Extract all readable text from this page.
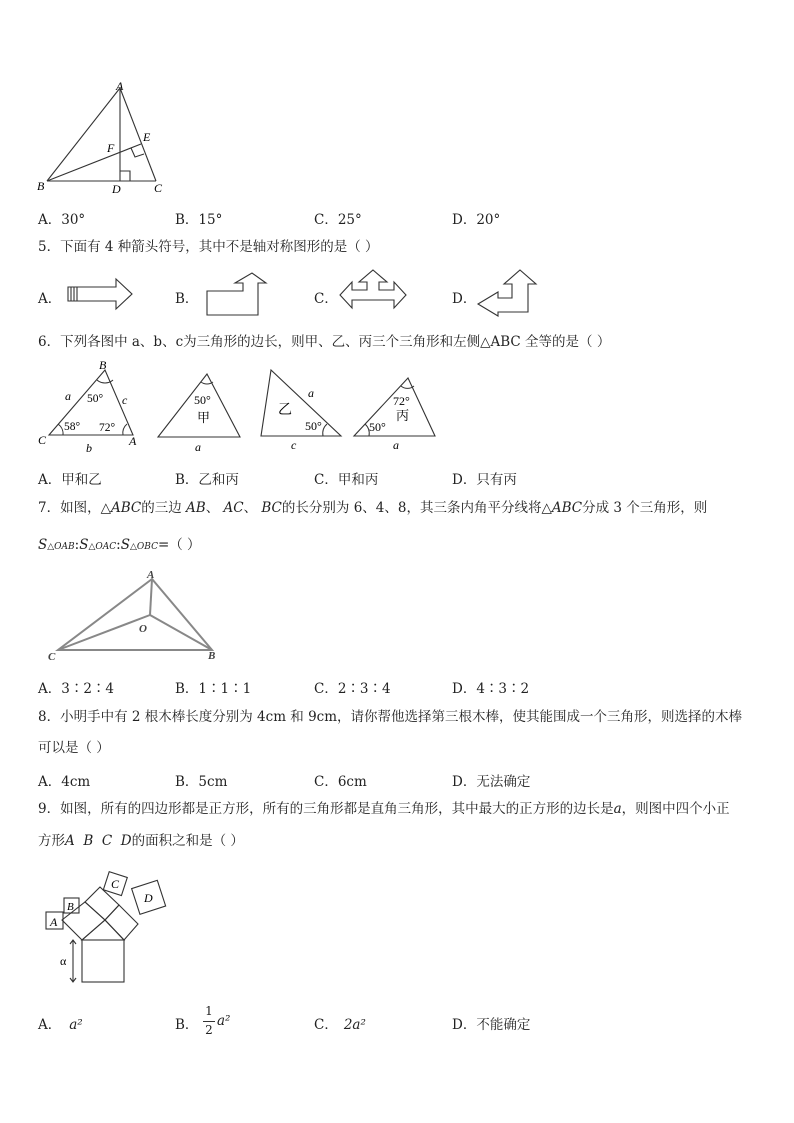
A
E
F
B	D	C
A．30°	B．15°	C．25°	D．20°
5．下面有 4 种箭头符号，其中不是轴对称图形的是（ ）
A．	B．	C．	D．
6．下列各图中 a、b、c为三角形的边长，则甲、乙、丙三个三角形和左侧△ABC 全等的是（ ）
B
C	A
a
b
c
50°
58° 72°
50°
甲
a
乙
a
c
50°
72°
丙
50°
a
A．甲和乙	B．乙和丙	C．甲和丙	D．只有丙
7．如图，△ABC的三边 AB、 AC、 BC的长分别为 6、4、8，其三条内角平分线将△ABC分成 3 个三角形，则
S△OAB:S△OAC:S△OBC=（ ）
A
O
C	B
A．3∶2∶4	B．1∶1∶1	C．2∶3∶4	D．4∶3∶2
8．小明手中有 2 根木棒长度分别为 4cm 和 9cm，请你帮他选择第三根木棒，使其能围成一个三角形，则选择的木棒
可以是（ ）
A．4cm	B．5cm	C．6cm	D．无法确定
9．如图，所有的四边形都是正方形，所有的三角形都是直角三角形，其中最大的正方形的边长是a，则图中四个小正
方形A  B  C  D的面积之和是（ ）
A
B
C
D
α
A． a²	B．
1
2
a²	C． 2a²	D．不能确定
